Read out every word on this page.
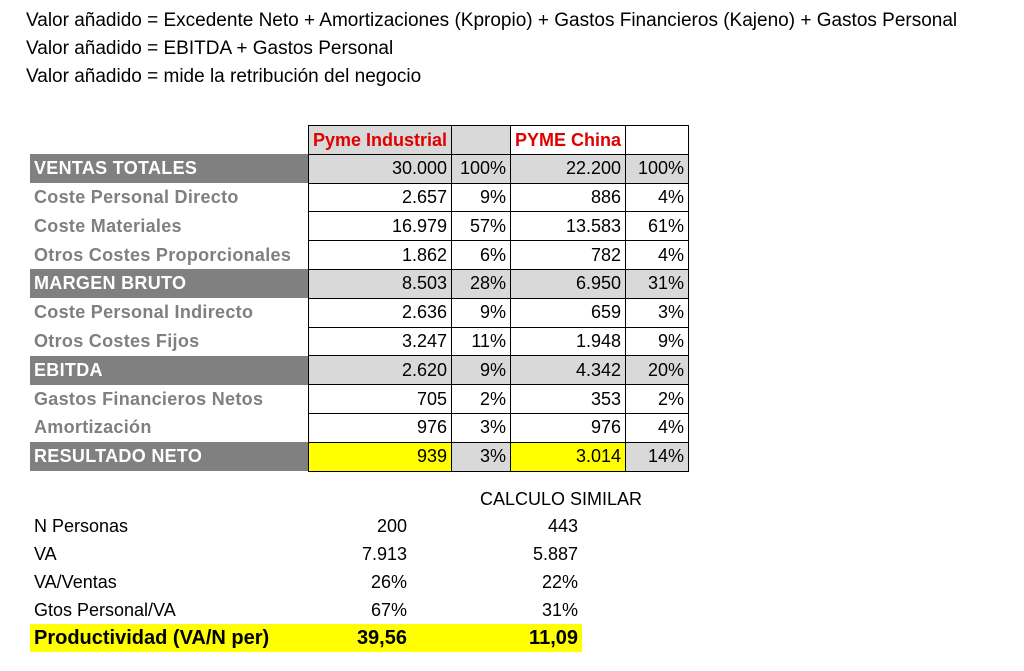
Valor añadido = Excedente Neto + Amortizaciones (Kpropio) + Gastos Financieros (Kajeno) + Gastos Personal
Valor añadido = EBITDA + Gastos Personal
Valor añadido = mide la retribución del negocio
	Pyme Industrial		PYME China	
VENTAS TOTALES	30.000	100%	22.200	100%
Coste Personal Directo	2.657	9%	886	4%
Coste Materiales	16.979	57%	13.583	61%
Otros Costes Proporcionales	1.862	6%	782	4%
MARGEN BRUTO	8.503	28%	6.950	31%
Coste Personal Indirecto	2.636	9%	659	3%
Otros Costes Fijos	3.247	11%	1.948	9%
EBITDA	2.620	9%	4.342	20%
Gastos Financieros Netos	705	2%	353	2%
Amortización	976	3%	976	4%
RESULTADO NETO	939	3%	3.014	14%
CALCULO SIMILAR
N Personas	200		443
VA	7.913		5.887
VA/Ventas	26%		22%
Gtos Personal/VA	67%		31%
Productividad (VA/N per)	39,56		11,09
